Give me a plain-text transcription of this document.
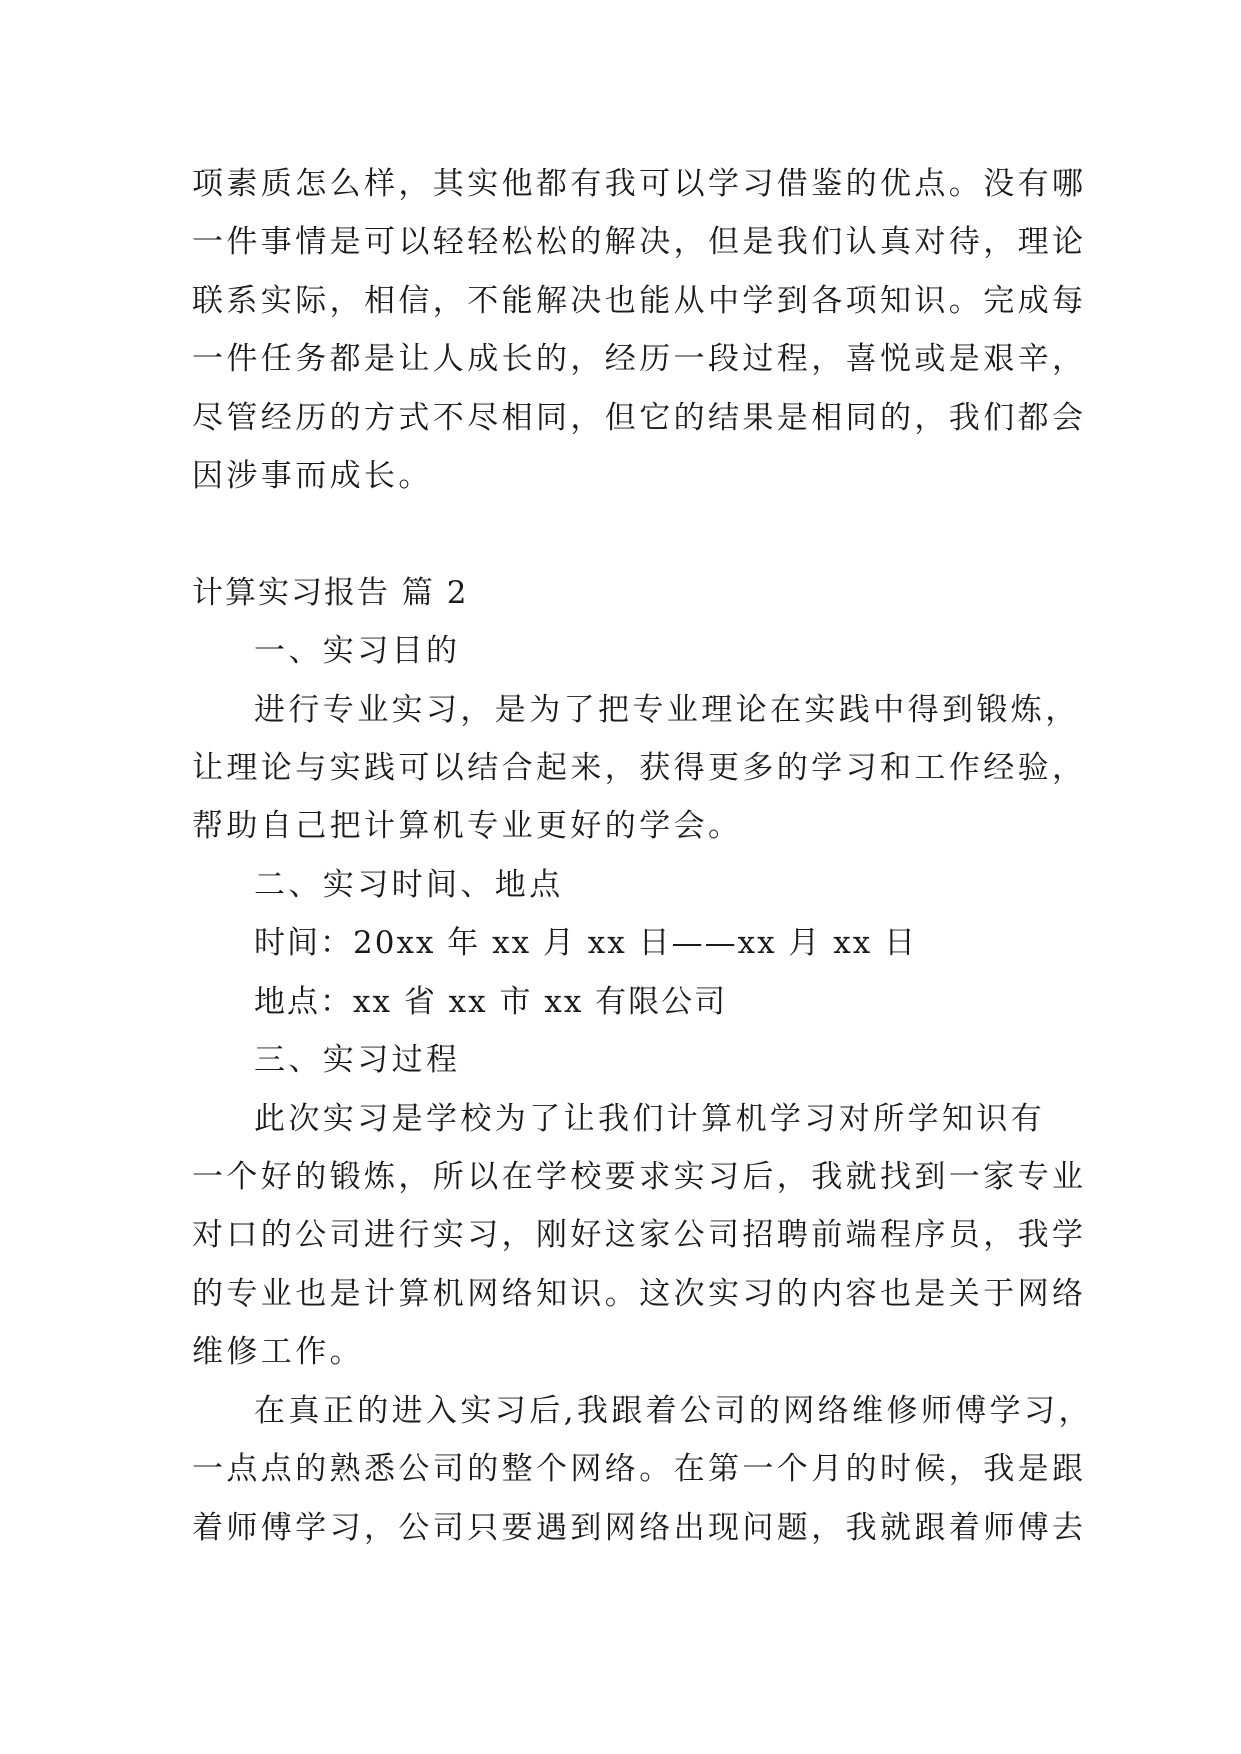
项素质怎么样，其实他都有我可以学习借鉴的优点。没有哪
一件事情是可以轻轻松松的解决，但是我们认真对待，理论
联系实际，相信，不能解决也能从中学到各项知识。完成每
一件任务都是让人成长的，经历一段过程，喜悦或是艰辛，
尽管经历的方式不尽相同，但它的结果是相同的，我们都会
因涉事而成长。
计算实习报告 篇 2
一、实习目的
进行专业实习，是为了把专业理论在实践中得到锻炼，
让理论与实践可以结合起来，获得更多的学习和工作经验，
帮助自己把计算机专业更好的学会。
二、实习时间、地点
时间：20xx 年 xx 月 xx 日——xx 月 xx 日
地点：xx 省 xx 市 xx 有限公司
三、实习过程
此次实习是学校为了让我们计算机学习对所学知识有
一个好的锻炼，所以在学校要求实习后，我就找到一家专业
对口的公司进行实习，刚好这家公司招聘前端程序员，我学
的专业也是计算机网络知识。这次实习的内容也是关于网络
维修工作。
在真正的进入实习后,我跟着公司的网络维修师傅学习，
一点点的熟悉公司的整个网络。在第一个月的时候，我是跟
着师傅学习，公司只要遇到网络出现问题，我就跟着师傅去
